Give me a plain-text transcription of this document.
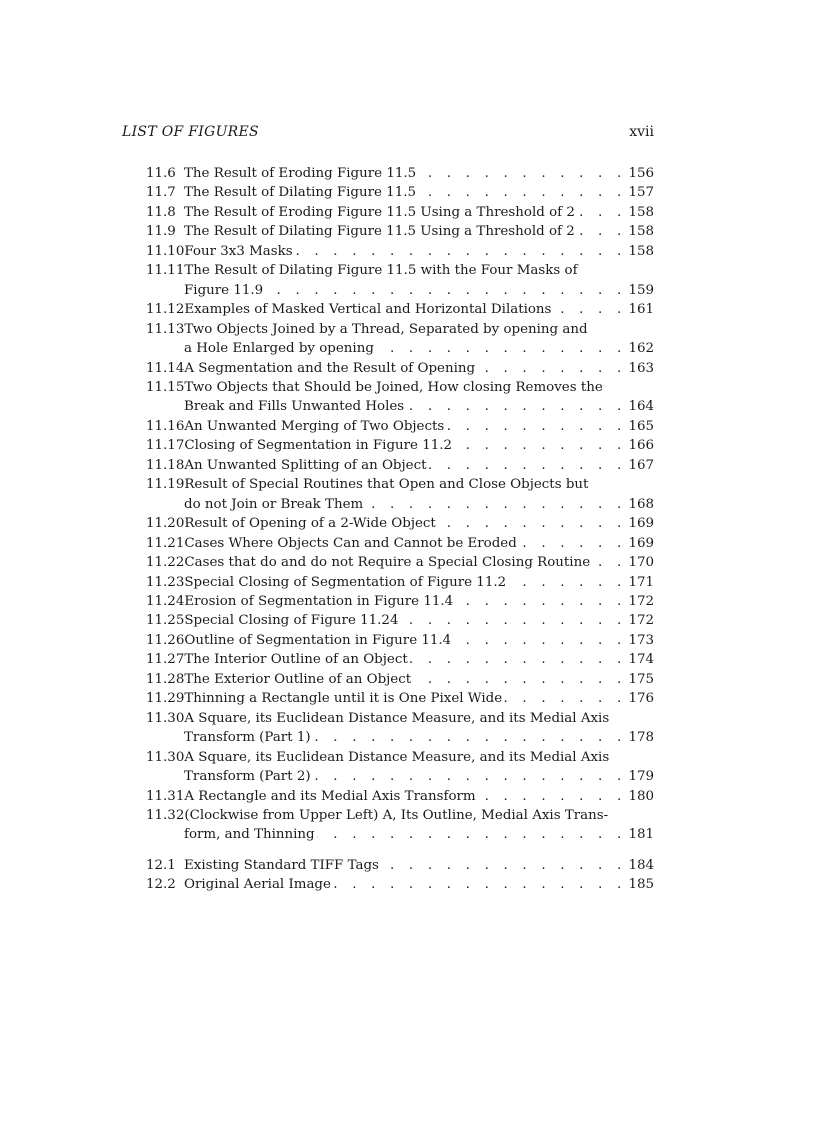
LIST OF FIGURES	xvii
11.6 The Result of Eroding Figure 11.5 . . .	156
11.7 The Result of Dilating Figure 11.5 . . .	157
11.8 The Result of Eroding Figure 11.5 Using a Threshold of 2 . . .	158
11.9 The Result of Dilating Figure 11.5 Using a Threshold of 2 . . .	158
11.10 Four 3x3 Masks . . .	158
11.11 The Result of Dilating Figure 11.5 with the Four Masks of
Figure 11.9 . . .	159
11.12 Examples of Masked Vertical and Horizontal Dilations . . .	161
11.13 Two Objects Joined by a Thread, Separated by opening and
a Hole Enlarged by opening . . .	162
11.14 A Segmentation and the Result of Opening . . .	163
11.15 Two Objects that Should be Joined, How closing Removes the
Break and Fills Unwanted Holes . . .	164
11.16 An Unwanted Merging of Two Objects . . .	165
11.17 Closing of Segmentation in Figure 11.2 . . .	166
11.18 An Unwanted Splitting of an Object . . .	167
11.19 Result of Special Routines that Open and Close Objects but
do not Join or Break Them . . .	168
11.20 Result of Opening of a 2-Wide Object . . .	169
11.21 Cases Where Objects Can and Cannot be Eroded . . .	169
11.22 Cases that do and do not Require a Special Closing Routine . . .	170
11.23 Special Closing of Segmentation of Figure 11.2 . . .	171
11.24 Erosion of Segmentation in Figure 11.4 . . .	172
11.25 Special Closing of Figure 11.24 . . .	172
11.26 Outline of Segmentation in Figure 11.4 . . .	173
11.27 The Interior Outline of an Object . . .	174
11.28 The Exterior Outline of an Object . . .	175
11.29 Thinning a Rectangle until it is One Pixel Wide . . .	176
11.30 A Square, its Euclidean Distance Measure, and its Medial Axis
Transform (Part 1) . . .	178
11.30 A Square, its Euclidean Distance Measure, and its Medial Axis
Transform (Part 2) . . .	179
11.31 A Rectangle and its Medial Axis Transform . . .	180
11.32 (Clockwise from Upper Left) A, Its Outline, Medial Axis Trans-
form, and Thinning . . .	181
12.1 Existing Standard TIFF Tags . . .	184
12.2 Original Aerial Image . . .	185
